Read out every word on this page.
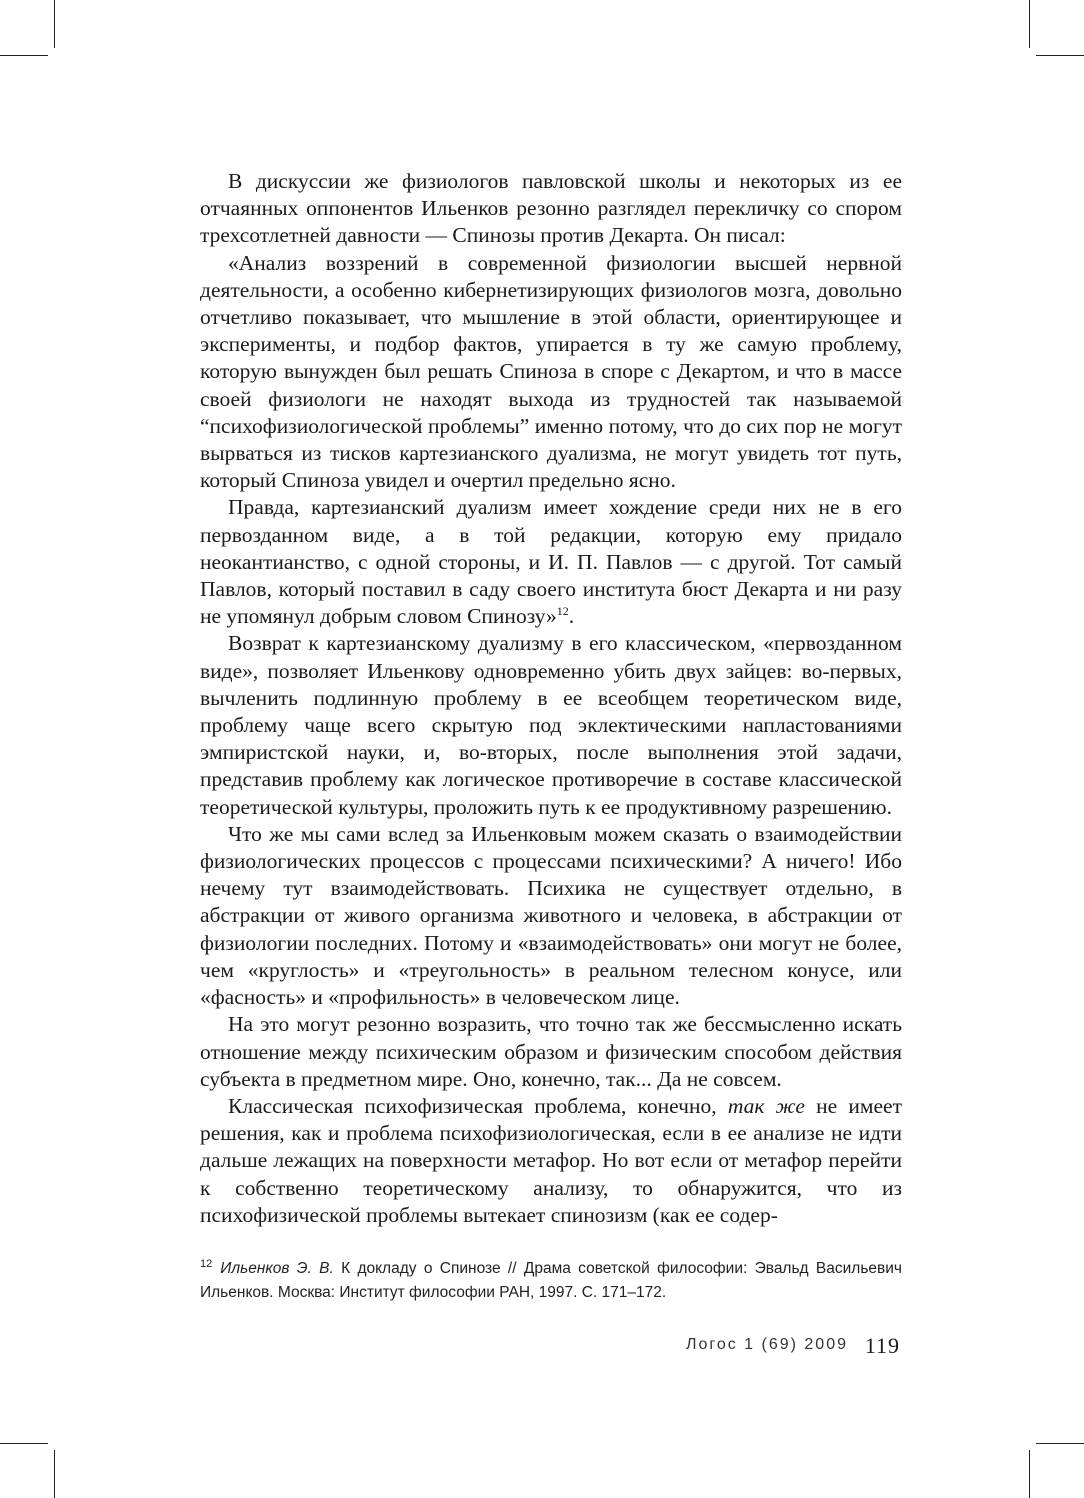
В дискуссии же физиологов павловской школы и некоторых из ее отчаянных оппонентов Ильенков резонно разглядел перекличку со спором трехсотлетней давности — Спинозы против Декарта. Он писал:

«Анализ воззрений в современной физиологии высшей нервной деятельности, а особенно кибернетизирующих физиологов мозга, довольно отчетливо показывает, что мышление в этой области, ориентирующее и эксперименты, и подбор фактов, упирается в ту же самую проблему, которую вынужден был решать Спиноза в споре с Декартом, и что в массе своей физиологи не находят выхода из трудностей так называемой “психофизиологической проблемы” именно потому, что до сих пор не могут вырваться из тисков картезианского дуализма, не могут увидеть тот путь, который Спиноза увидел и очертил предельно ясно.

Правда, картезианский дуализм имеет хождение среди них не в его первозданном виде, а в той редакции, которую ему придало неокантианство, с одной стороны, и И. П. Павлов — с другой. Тот самый Павлов, который поставил в саду своего института бюст Декарта и ни разу не упомянул добрым словом Спинозу»$^{12}$.

Возврат к картезианскому дуализму в его классическом, «первозданном виде», позволяет Ильенкову одновременно убить двух зайцев: во-первых, вычленить подлинную проблему в ее всеобщем теоретическом виде, проблему чаще всего скрытую под эклектическими напластованиями эмпиристской науки, и, во-вторых, после выполнения этой задачи, представив проблему как логическое противоречие в составе классической теоретической культуры, проложить путь к ее продуктивному разрешению.

Что же мы сами вслед за Ильенковым можем сказать о взаимодействии физиологических процессов с процессами психическими? А ничего! Ибо нечему тут взаимодействовать. Психика не существует отдельно, в абстракции от живого организма животного и человека, в абстракции от физиологии последних. Потому и «взаимодействовать» они могут не более, чем «круглость» и «треугольность» в реальном телесном конусе, или «фасность» и «профильность» в человеческом лице.

На это могут резонно возразить, что точно так же бессмысленно искать отношение между психическим образом и физическим способом действия субъекта в предметном мире. Оно, конечно, так... Да не совсем.

Классическая психофизическая проблема, конечно, так же не имеет решения, как и проблема психофизиологическая, если в ее анализе не идти дальше лежащих на поверхности метафор. Но вот если от метафор перейти к собственно теоретическому анализу, то обнаружится, что из психофизической проблемы вытекает спинозизм (как ее содер-

$^{12}$ Ильенков Э. В. К докладу о Спинозе // Драма советской философии: Эвальд Васильевич Ильенков. Москва: Институт философии РАН, 1997. С. 171–172.
Логос 1 (69) 2009 119
